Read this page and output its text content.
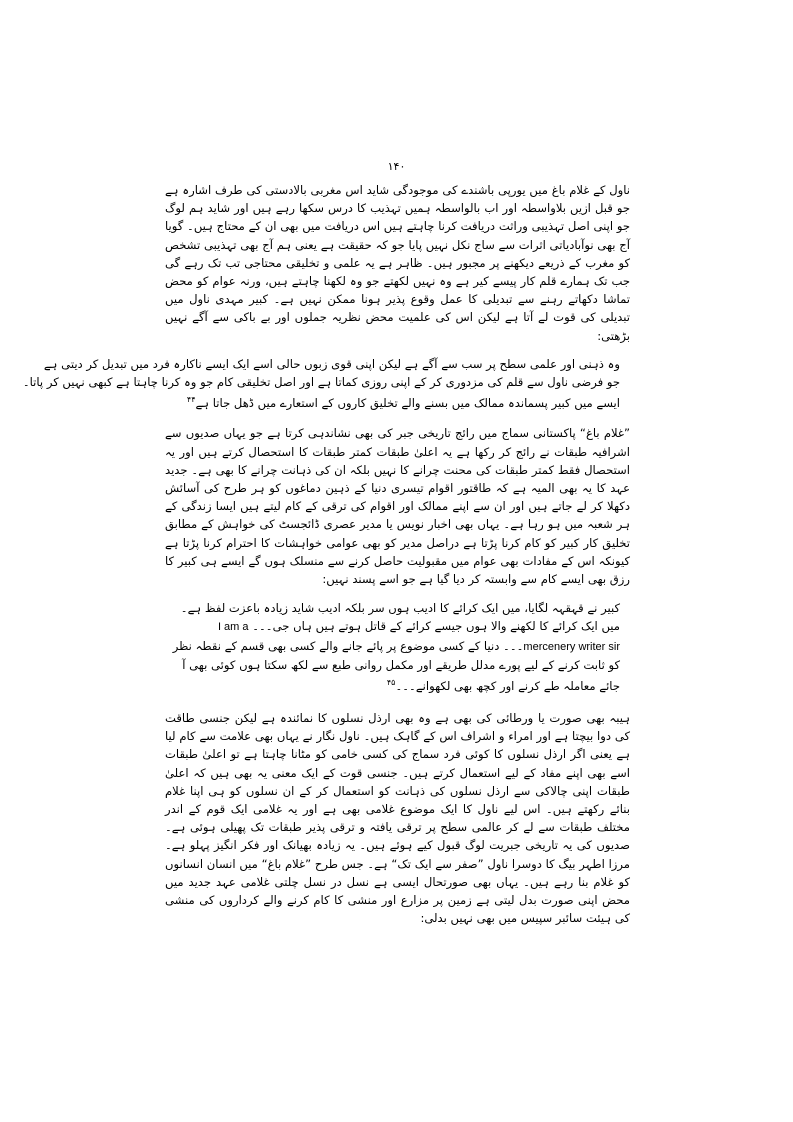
۱۴۰

ناول کے غلام باغ میں یورپی باشندے کی موجودگی شاید اس مغربی بالادستی کی طرف اشارہ ہے جو قبل ازیں بلاواسطہ اور اب بالواسطہ ہمیں تہذیب کا درس سکھا رہے ہیں اور شاید ہم لوگ جو اپنی اصل تہذیبی وراثت دریافت کرنا چاہتے ہیں اس دریافت میں بھی ان کے محتاج ہیں۔ گویا آج بھی نوآبادیاتی اثرات سے ساج نکل نہیں پایا جو کہ حقیقت ہے یعنی ہم آج بھی تہذیبی تشخص کو مغرب کے ذریعے دیکھنے پر مجبور ہیں۔ ظاہر ہے یہ علمی و تخلیقی محتاجی تب تک رہے گی جب تک ہمارے قلم کار پیسے کیر ہے وہ نہیں لکھتے جو وہ لکھنا چاہتے ہیں، ورنہ عوام کو محض تماشا دکھاتے رہنے سے تبدیلی کا عمل وقوع پذیر ہونا ممکن نہیں ہے۔ کبیر مہدی ناول میں تبدیلی کی قوت لے آتا ہے لیکن اس کی علمیت محض نظریہ جملوں اور بے باکی سے آگے نہیں بڑھتی:

وہ ذہنی اور علمی سطح پر سب سے آگے ہے لیکن اپنی قوی زبوں حالی اسے ایک ایسے ناکارہ فرد میں تبدیل کر دیتی ہے
جو فرضی ناول سے قلم کی مزدوری کر کے اپنی روزی کماتا ہے اور اصل تخلیقی کام جو وہ کرنا چاہتا ہے کبھی نہیں کر پاتا۔
ایسے میں کبیر پسماندہ ممالک میں بسنے والے تخلیق کاروں کے استعارے میں ڈھل جاتا ہے$^{۴۴}$

”غلام باغ“ پاکستانی سماج میں رائج تاریخی جبر کی بھی نشاندہی کرتا ہے جو یہاں صدیوں سے اشرافیہ طبقات نے رائج کر رکھا ہے یہ اعلیٰ طبقات کمتر طبقات کا استحصال کرتے ہیں اور یہ استحصال فقط کمتر طبقات کی محنت چرانے کا نہیں بلکہ ان کی ذہانت چرانے کا بھی ہے۔ جدید عہد کا یہ بھی المیہ ہے کہ طاقتور اقوام تیسری دنیا کے ذہین دماغوں کو ہر طرح کی آسائش دکھلا کر لے جاتے ہیں اور ان سے اپنے ممالک اور اقوام کی ترقی کے کام لیتے ہیں ایسا زندگی کے ہر شعبہ میں ہو رہا ہے۔ یہاں بھی اخبار نویس یا مدیر عصری ڈائجسٹ کی خواہش کے مطابق تخلیق کار کبیر کو کام کرنا پڑتا ہے دراصل مدیر کو بھی عوامی خواہشات کا احترام کرنا پڑتا ہے کیونکہ اس کے مفادات بھی عوام میں مقبولیت حاصل کرنے سے منسلک ہوں گے ایسے ہی کبیر کا رزق بھی ایسے کام سے وابستہ کر دیا گیا ہے جو اسے پسند نہیں:

کبیر نے قہقہہ لگایا، میں ایک کرائے کا ادیب ہوں سر بلکہ ادیب شاید زیادہ باعزت لفظ ہے۔ میں ایک کرائے کا لکھنے والا ہوں جیسے کرائے کے قاتل ہوتے ہیں ہاں جی۔۔۔ I am a mercenery writer sir۔۔۔ دنیا کے کسی موضوع پر پائے جانے والے کسی بھی قسم کے نقطہ نظر کو ثابت کرنے کے لیے پورے مدلل طریقے اور مکمل روانی طبع سے لکھ سکتا ہوں کوئی بھی آ جائے معاملہ طے کرنے اور کچھ بھی لکھوانے۔۔۔$^{۴۵}$

ہیبہ بھی صورت یا ورطائی کی بھی ہے وہ بھی ارذل نسلوں کا نمائندہ ہے لیکن جنسی طاقت کی دوا بیچتا ہے اور امراء و اشراف اس کے گاہک ہیں۔ ناول نگار نے یہاں بھی علامت سے کام لیا ہے یعنی اگر ارذل نسلوں کا کوئی فرد سماج کی کسی خامی کو مٹانا چاہتا ہے تو اعلیٰ طبقات اسے بھی اپنے مفاد کے لیے استعمال کرتے ہیں۔ جنسی قوت کے ایک معنی یہ بھی ہیں کہ اعلیٰ طبقات اپنی چالاکی سے ارذل نسلوں کی ذہانت کو استعمال کر کے ان نسلوں کو ہی اپنا غلام بنائے رکھتے ہیں۔ اس لیے ناول کا ایک موضوع غلامی بھی ہے اور یہ غلامی ایک قوم کے اندر مختلف طبقات سے لے کر عالمی سطح پر ترقی یافتہ و ترقی پذیر طبقات تک پھیلی ہوئی ہے۔ صدیوں کی یہ تاریخی جبریت لوگ قبول کیے ہوئے ہیں۔ یہ زیادہ بھیانک اور فکر انگیز پہلو ہے۔ مرزا اطہر بیگ کا دوسرا ناول ”صفر سے ایک تک“ ہے۔ جس طرح ”غلام باغ“ میں انسان انسانوں کو غلام بنا رہے ہیں۔ یہاں بھی صورتحال ایسی ہے نسل در نسل چلتی غلامی عہد جدید میں محض اپنی صورت بدل لیتی ہے زمین پر مزارع اور منشی کا کام کرنے والے کرداروں کی منشی کی ہیئت سائبر سپیس میں بھی نہیں بدلی:
